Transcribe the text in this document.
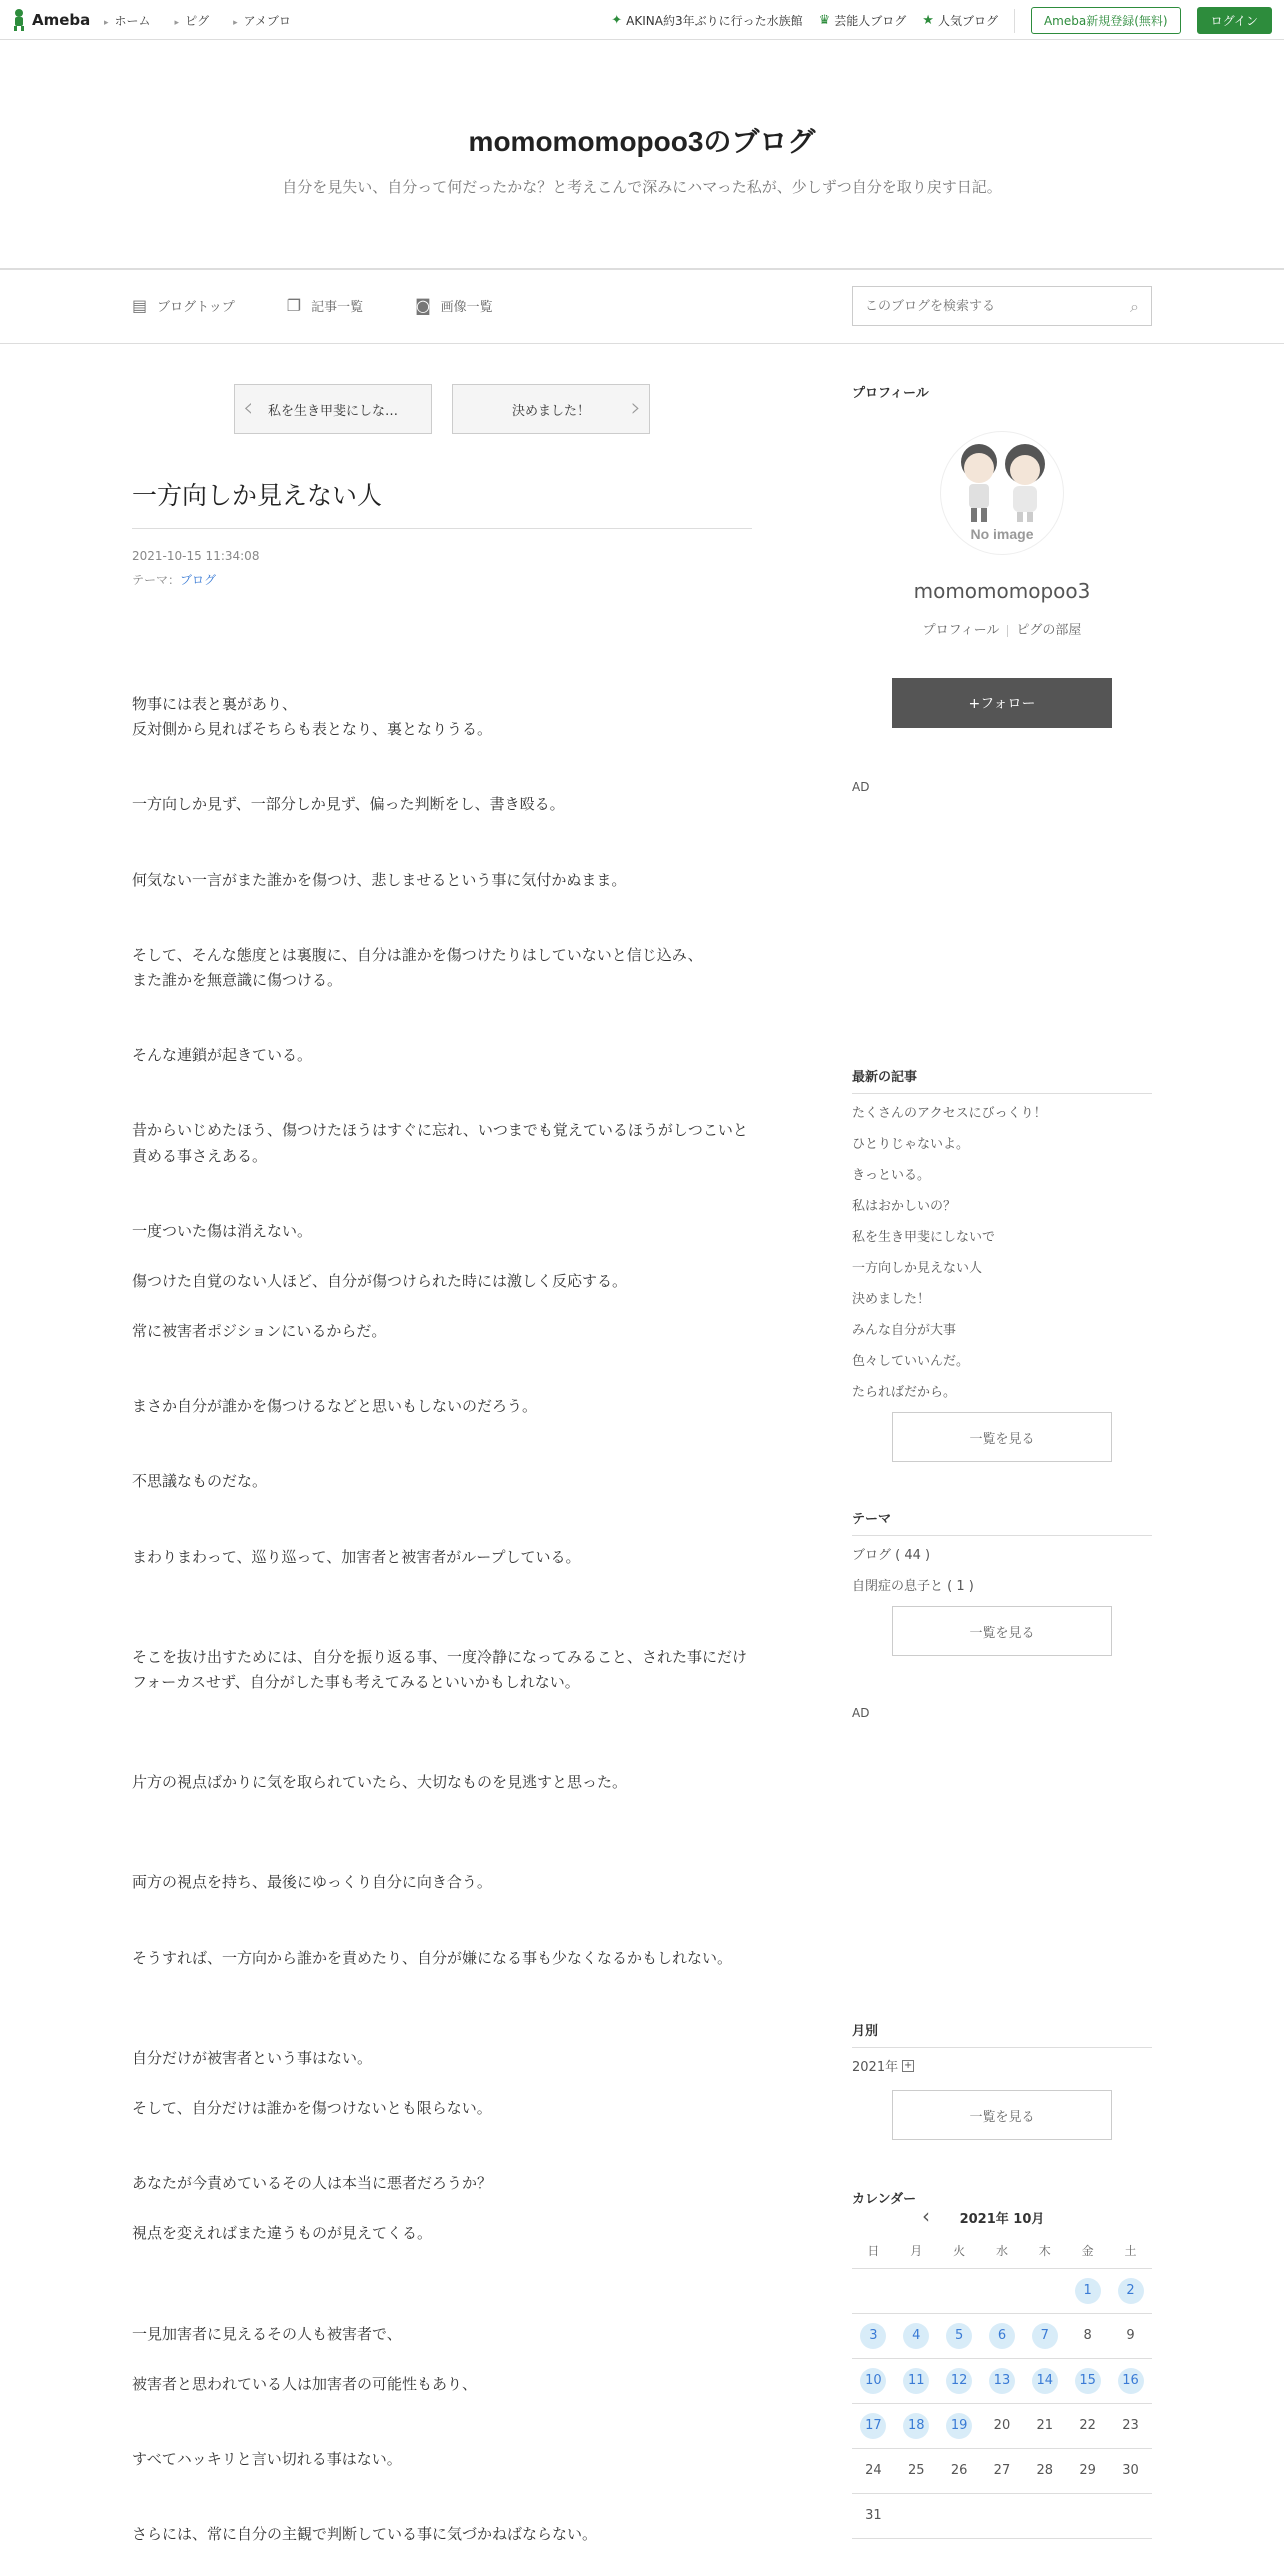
Ameba	▸ ホーム	▸ ピグ	▸ アメブロ	✦ AKINA約3年ぶりに行った水族館 ♛ 芸能人ブログ ★ 人気ブログ	Ameba新規登録(無料)	ログイン
momomomopoo3のブログ

自分を見失い、自分って何だったかな？と考えこんで深みにハマった私が、少しずつ自分を取り戻す日記。

▤ ブログトップ	❐ 記事一覧	◙ 画像一覧
このブログを検索する	⌕
‹ 私を生き甲斐にしな…	決めました！ ›
一方向しか見えない人
2021-10-15 11:34:08
テーマ：ブログ

物事には表と裏があり、
反対側から見ればそちらも表となり、裏となりうる。

一方向しか見ず、一部分しか見ず、偏った判断をし、書き殴る。

何気ない一言がまた誰かを傷つけ、悲しませるという事に気付かぬまま。

そして、そんな態度とは裏腹に、自分は誰かを傷つけたりはしていないと信じ込み、
また誰かを無意識に傷つける。

そんな連鎖が起きている。

昔からいじめたほう、傷つけたほうはすぐに忘れ、いつまでも覚えているほうがしつこいと責める事さえある。

一度ついた傷は消えない。

傷つけた自覚のない人ほど、自分が傷つけられた時には激しく反応する。

常に被害者ポジションにいるからだ。

まさか自分が誰かを傷つけるなどと思いもしないのだろう。

不思議なものだな。

まわりまわって、巡り巡って、加害者と被害者がループしている。

そこを抜け出すためには、自分を振り返る事、一度冷静になってみること、された事にだけフォーカスせず、自分がした事も考えてみるといいかもしれない。

片方の視点ばかりに気を取られていたら、大切なものを見逃すと思った。

両方の視点を持ち、最後にゆっくり自分に向き合う。

そうすれば、一方向から誰かを責めたり、自分が嫌になる事も少なくなるかもしれない。

自分だけが被害者という事はない。

そして、自分だけは誰かを傷つけないとも限らない。

あなたが今責めているその人は本当に悪者だろうか？

視点を変えればまた違うものが見えてくる。

一見加害者に見えるその人も被害者で、

被害者と思われている人は加害者の可能性もあり、

すべてハッキリと言い切れる事はない。

さらには、常に自分の主観で判断している事に気づかねばならない。

プロフィール
No image
momomomopoo3
プロフィール ピグの部屋
+フォロー
AD
最新の記事
たくさんのアクセスにびっくり！
ひとりじゃないよ。
きっといる。
私はおかしいの？
私を生き甲斐にしないで
一方向しか見えない人
決めました！
みんな自分が大事
色々していいんだ。
たらればだから。
一覧を見る
テーマ
ブログ ( 44 )
自閉症の息子と ( 1 )
一覧を見る
AD
月別
2021年 +
一覧を見る
カレンダー
‹ 2021年 10月
日	月	火	水	木	金	土
					1	2
3	4	5	6	7	8	9
10	11	12	13	14	15	16
17	18	19	20	21	22	23
24	25	26	27	28	29	30
31						
